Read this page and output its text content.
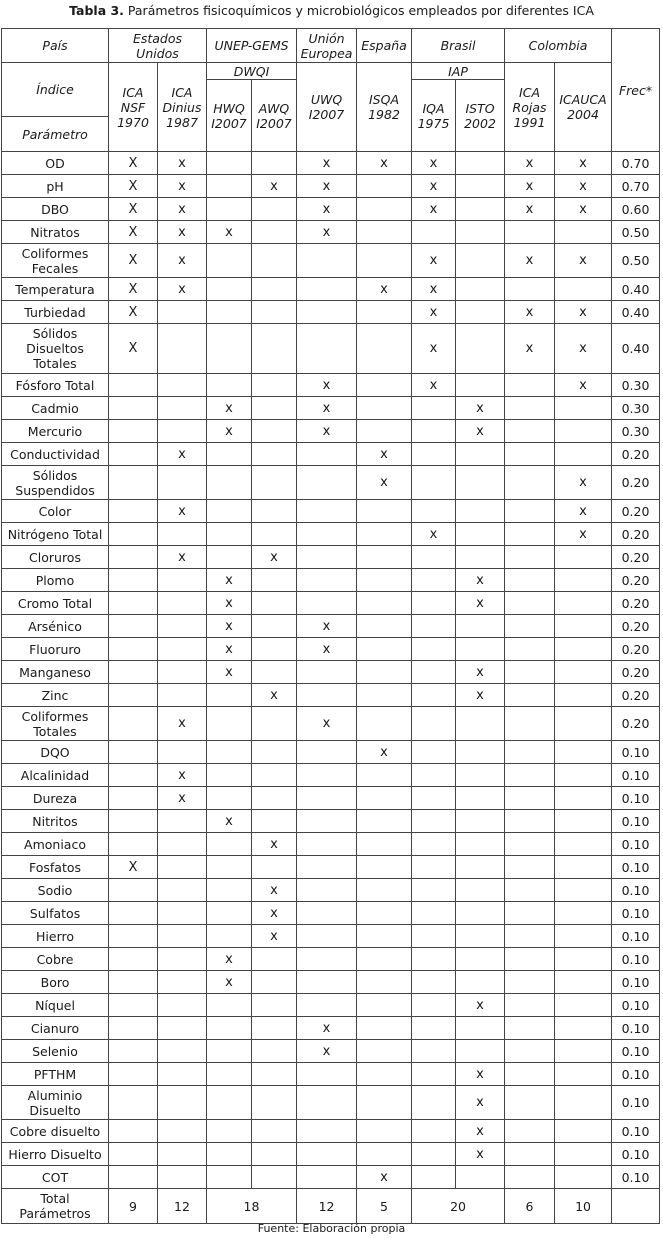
Tabla 3. Parámetros fisicoquímicos y microbiológicos empleados por diferentes ICA
País	Estados Unidos		UNEP-GEMS		Unión Europea	España	Brasil		Colombia		Frec*
Índice	ICA NSF 1970	ICA Dinius 1987	DWQI		UWQ I2007	ISQA 1982	IAP		ICA Rojas 1991	ICAUCA 2004	
			HWQ I2007	AWQ I2007			IQA 1975	ISTO 2002			
Parámetro											
OD	X	x			x	x	x		x	x	0.70
pH	X	x		x	x		x		x	x	0.70
DBO	X	x			x		x		x	x	0.60
Nitratos	X	x	x		x						0.50
Coliformes Fecales	X	x					x		x	x	0.50
Temperatura	X	x				x	x				0.40
Turbiedad	X						x		x	x	0.40
Sólidos Disueltos Totales	X						x		x	x	0.40
Fósforo Total					x		x			x	0.30
Cadmio			x		x			x			0.30
Mercurio			x		x			x			0.30
Conductividad		x				x					0.20
Sólidos Suspendidos						x				x	0.20
Color		x								x	0.20
Nitrógeno Total							x			x	0.20
Cloruros		x		x							0.20
Plomo			x					x			0.20
Cromo Total			x					x			0.20
Arsénico			x		x						0.20
Fluoruro			x		x						0.20
Manganeso			x					x			0.20
Zinc				x				x			0.20
Coliformes Totales		x			x						0.20
DQO						x					0.10
Alcalinidad		x									0.10
Dureza		x									0.10
Nitritos			x								0.10
Amoniaco				x							0.10
Fosfatos	X										0.10
Sodio				x							0.10
Sulfatos				x							0.10
Hierro				x							0.10
Cobre			x								0.10
Boro			x								0.10
Níquel								x			0.10
Cianuro					x						0.10
Selenio					x						0.10
PFTHM								x			0.10
Aluminio Disuelto								x			0.10
Cobre disuelto								x			0.10
Hierro Disuelto								x			0.10
COT						x					0.10
Total Parámetros	9	12	18		12	5	20		6	10	
Fuente: Elaboración propia
